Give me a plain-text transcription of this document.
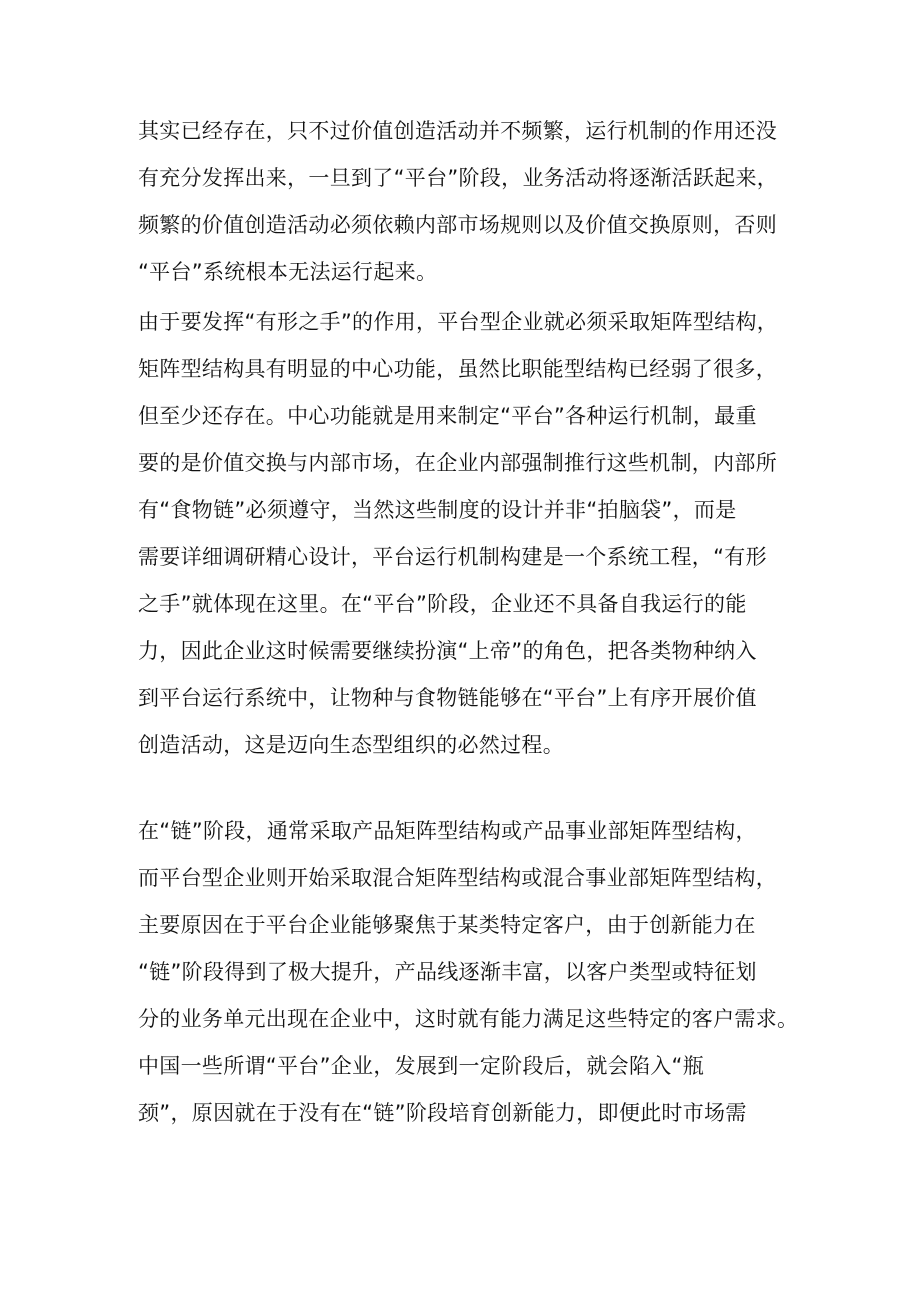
其实已经存在，只不过价值创造活动并不频繁，运行机制的作用还没
有充分发挥出来，一旦到了“平台”阶段，业务活动将逐渐活跃起来，
频繁的价值创造活动必须依赖内部市场规则以及价值交换原则，否则
“平台”系统根本无法运行起来。
由于要发挥“有形之手”的作用，平台型企业就必须采取矩阵型结构，
矩阵型结构具有明显的中心功能，虽然比职能型结构已经弱了很多，
但至少还存在。中心功能就是用来制定“平台”各种运行机制，最重
要的是价值交换与内部市场，在企业内部强制推行这些机制，内部所
有“食物链”必须遵守，当然这些制度的设计并非“拍脑袋”，而是
需要详细调研精心设计，平台运行机制构建是一个系统工程，“有形
之手”就体现在这里。在“平台”阶段，企业还不具备自我运行的能
力，因此企业这时候需要继续扮演“上帝”的角色，把各类物种纳入
到平台运行系统中，让物种与食物链能够在“平台”上有序开展价值
创造活动，这是迈向生态型组织的必然过程。
在“链”阶段，通常采取产品矩阵型结构或产品事业部矩阵型结构，
而平台型企业则开始采取混合矩阵型结构或混合事业部矩阵型结构，
主要原因在于平台企业能够聚焦于某类特定客户，由于创新能力在
“链”阶段得到了极大提升，产品线逐渐丰富，以客户类型或特征划
分的业务单元出现在企业中，这时就有能力满足这些特定的客户需求。
中国一些所谓“平台”企业，发展到一定阶段后，就会陷入“瓶
颈”，原因就在于没有在“链”阶段培育创新能力，即便此时市场需
